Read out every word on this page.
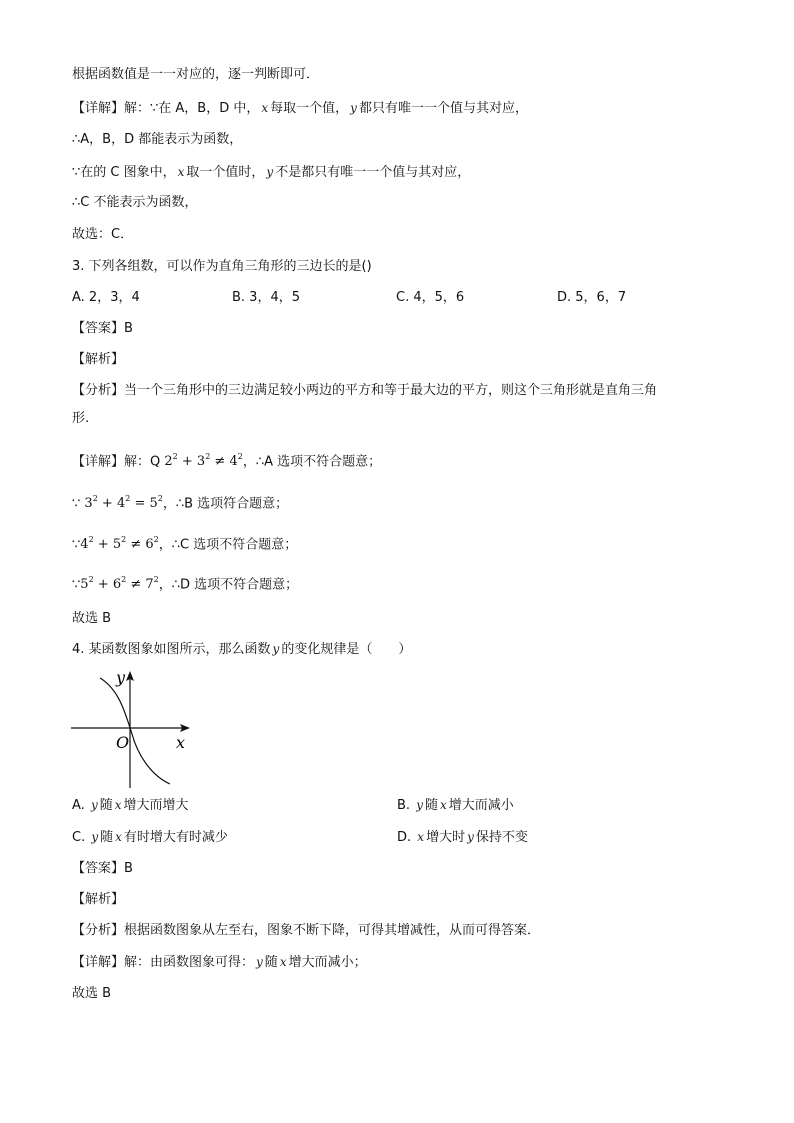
根据函数值是一一对应的，逐一判断即可．
【详解】解：∵在 A，B，D 中， x 每取一个值， y 都只有唯一一个值与其对应，
∴A，B，D 都能表示为函数，
∵在的 C 图象中， x 取一个值时， y 不是都只有唯一一个值与其对应，
∴C 不能表示为函数，
故选：C．
3. 下列各组数，可以作为直角三角形的三边长的是()
A. 2，3，4	B. 3，4，5	C. 4，5，6	D. 5，6，7
【答案】B
【解析】
【分析】当一个三角形中的三边满足较小两边的平方和等于最大边的平方，则这个三角形就是直角三角
形.
【详解】解：Q $2^2 + 3^2 \ne 4^2$，∴A 选项不符合题意；
∵ $3^2 + 4^2 = 5^2$，∴B 选项符合题意；
$\because 4^2 + 5^2 \ne 6^2$，∴C 选项不符合题意；
$\because 5^2 + 6^2 \ne 7^2$，∴D 选项不符合题意；
故选 B
4. 某函数图象如图所示，那么函数 y 的变化规律是（　　）
y
O	x
A. y 随 x 增大而增大	B. y 随 x 增大而减小
C. y 随 x 有时增大有时减少	D. x 增大时 y 保持不变
【答案】B
【解析】
【分析】根据函数图象从左至右，图象不断下降，可得其增减性，从而可得答案．
【详解】解：由函数图象可得： y 随 x 增大而减小；
故选 B
